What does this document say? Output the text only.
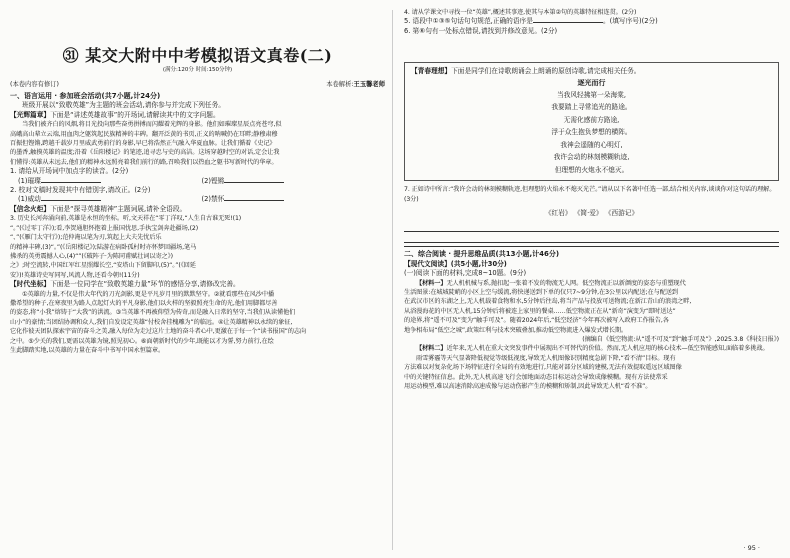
㉛ 某交大附中中考模拟语文真卷(二)
(满分:120分 时间:150分钟)
(本卷内容有修订)	本卷解析:王玉馨老师
一、语言运用 · 参加班会活动(共7小题,计24分)
班级开展以“致敬英雄”为主题的班会活动,请你参与并完成下列任务。
【光辉篇章】下面是“讲述英雄故事”的开场词,请解读其中的文字问题。
当我们被齐白的风烟,将目光投向那些奋勇拼搏而闪耀着光辉的身影。他们如璀璨星辰点亮苍穹,似
高峨高山辈立云端,用血肉之躯筑起民族精神的丰碑。翻开泛黄的书页,正义的呐喊仍在耳畔;静穆肃穆
百振但铿锵,跨越千载岁月里威武勇前行的身影,早已将浩然正气融入华夏血脉。让我们循着《史记》
的墨香,触摸英雄的温度;沿着《岳阳楼记》的笔迹,追寻忠与史的高洁。这场穿越时空的对话,定会让我
们懂得:英雄从未远去,他们的精神永远照亮着我们前行的路,召唤我们以热血之躯书写新时代的华章。
1. 请给从开场词中加点字的读音。(2分)
(1)璀璨	(2)铿锵
2. 校对文稿时发现其中有错别字,请改正。(2分)
(1)威动	(2)禁怀
【信念火炬】下面是“探寻英雄精神”主题词展,请补全语段。
3. 历史长河奔涌向前,英雄是永恒的坐标。听,文天祥在“零丁洋叹,“人生自古谁无死!(1)
“。”(《过零丁洋》);看,李贺通胆怀抱着上报国忧思,手执宝剑奔赴疆场,(2)
“、”(《雁门太守行》);范仲淹以笔为刃,筑起上大夫先忧后乐
的精神丰碑,(3)“。”(《岳阳楼记》);陆游在病卧孤村时亦怀梦回疆场,笔马
拂杀的英勇震撼人心,(4)“”(《破阵子·为陈同甫赋壮词以寄之》)
之》;时空流转,中国红军红星照耀长空,“安塔山下留脚印,(5)“。”(《回延
安》)!英雄诗史写同写,风流人物,还看今朝!(11分)
【时代坐标】下面是一位同学在“致敬英雄力量”环节的感悟分享,请修改完善。
①英雄的力量,不仅是伟大年代的刀光剑影,更是平凡岁月里的默默坚守。②就看那些在风沙中播
撒希望的种子,在寒夜里为路人点起灯火的平凡身影,他们以火样的坚毅照亮生命的光,他们用脚都尽善
的姿态,将“小我”熔铸于“大我”的洪流。③当英雄不再被仰望为传奇,而是融入日常的坚守,当我们从读懂他们
山小”的豪情;当团结协调和众人,我们自发设定英雄“付校舍挂槐雕为”的临远。④让英雄精神以永续的象征,
它化作彼天团队探索宇宙的奋斗之美,融入每位为走过这片土地的奋斗者心中,更激在于每一个“读书报国”的志向
之中。⑤少关的我们,更需以英雄为镜,照见初心。⑥面朝新时代的少年,既能以才为誓,努力前行,在绘
生此脚踏实地,以英雄的力量在奋斗中书写中国永恒篇章。
4. 请从学课文中寻找一位“英雄”,概述其事迹,使其与本第②句的英雄特征相连贯。(2分)
5. 语段中①③⑤句话句句规范,正确的语序是	。(填写序号)(2分)
6. 第⑥句有一处标点错误,请找到并修改意见。(2分)
【青春理想】下面是同学们在诗歌朗诵会上朗诵的原创诗歌,请完成相关任务。
逐光而行
当我风轻拂第一朵海棠,
我要踏上寻常追光的路途。
无需化感前方路途,
浮于众生抱负梦想的横阵。
我神会遥随的心明灯,
我许会动的林刻模糊轨迹,
但理想的火炮永不熄灭。
7. 正如诗中所言:“我许会动的林刻模糊轨迹,但理想的火焰永不熄灭光芒。”请从以下名著中任选一部,结合相关内容,谈谈你对这句话的理解。(3分)
《红岩》 《简·爱》 《西游记》
二、综合阅读 · 提升思维品质(共13小题,计46分)
【现代文阅读】(共5小题,计30分)
(一)阅读下面的材料,完成8~10题。(9分)
【材料一】无人机机械与系,抛扣起一张着不发的物流无人网。低空物流正以新颜度的姿态与重塑现代
生活图景:在城城陡峭的小区上空与缓流,将快递送到下单的仅只7~9分钟,在3公里以内配送;在与配送到
在武汉市区的东湖之上,无人机载着食物和水,5分钟后往岛,将当产品与投放可送物流;在新江青山的浪湾之畔,
从浴漫海花的中区无人机,15分钟后将被连上家里的餐桌……低空物流正在从“新奇”演变为“即时送达”
的途界,将“遥不可及”变为“触手可及”。随着2024年后,“低空经济”今年再次被写入政府工作报告,各
地争相布局“低空之城”,政策红利与技术突破叠加,推动低空物流进入爆发式增长期。
(摘编自《低空物流:从“遥不可及”到“触手可及”》,2025.3.8《科技日报》)
【材料二】近年来,无人机在重大文突发事件中展现出不可替代的价值。然而,无人机应用的核心技术—低空智能感知,面临着多挑战。
雨雪雾霾等天气显著降低视觉等级低视度,导致无人机图像识别精度急剧下降,“看不清”目标。现有
方法难以对复杂化场下场特征进行全局的有效地进行,只能对部分区域的建模,无法有效提取遥远区域图像
中的关键特征信息。此外,无人机高速飞行会加地面动态目标运动会导致成像模糊。现有方法使常采
用运动模型,难以高速消除高速成像与运动伤影产生的模糊和矫制,因此导致无人机“看不准”。
· 95 ·
